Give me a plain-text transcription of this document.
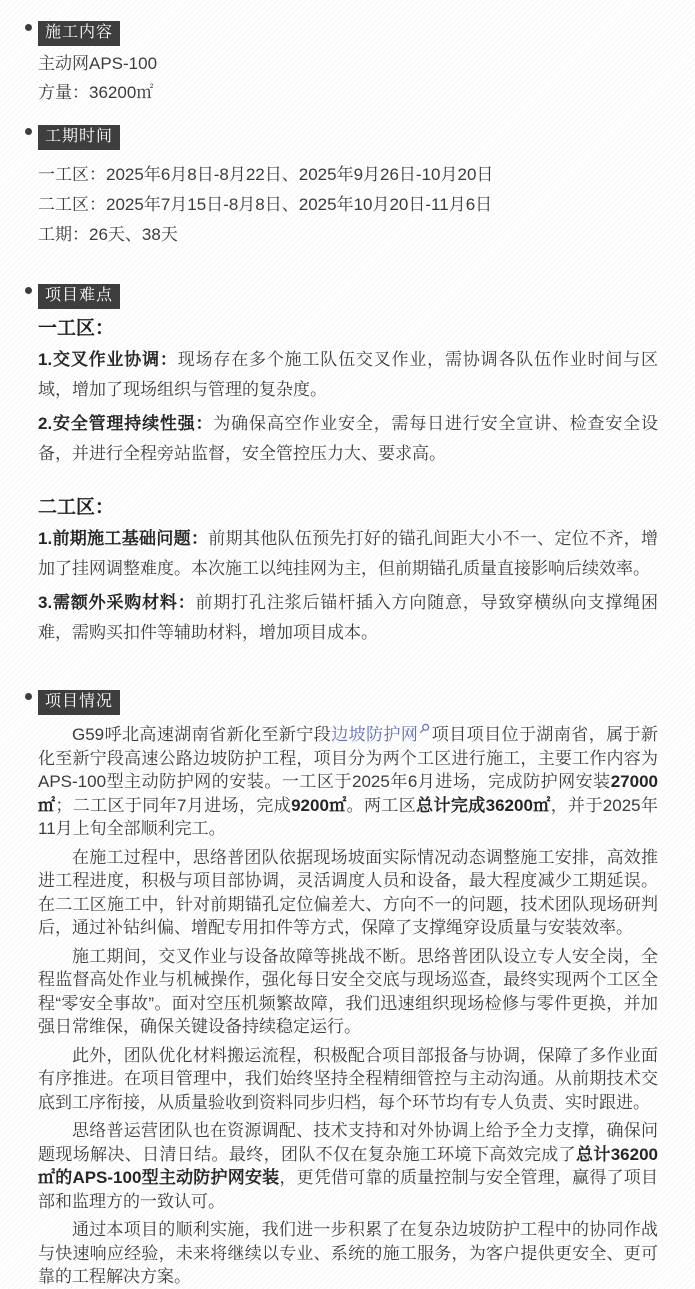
施工内容

主动网APS-100

方量：36200㎡

工期时间

一工区：2025年6月8日-8月22日、2025年9月26日-10月20日

二工区：2025年7月15日-8月8日、2025年10月20日-11月6日

工期：26天、38天

项目难点
一工区：

1.交叉作业协调：现场存在多个施工队伍交叉作业，需协调各队伍作业时间与区域，增加了现场组织与管理的复杂度。

2.安全管理持续性强：为确保高空作业安全，需每日进行安全宣讲、检查安全设备，并进行全程旁站监督，安全管控压力大、要求高。

二工区：

1.前期施工基础问题：前期其他队伍预先打好的锚孔间距大小不一、定位不齐，增加了挂网调整难度。本次施工以纯挂网为主，但前期锚孔质量直接影响后续效率。

3.需额外采购材料：前期打孔注浆后锚杆插入方向随意，导致穿横纵向支撑绳困难，需购买扣件等辅助材料，增加项目成本。

项目情况

G59呼北高速湖南省新化至新宁段边坡防护网 项目项目位于湖南省，属于新化至新宁段高速公路边坡防护工程，项目分为两个工区进行施工，主要工作内容为APS-100型主动防护网的安装。一工区于2025年6月进场，完成防护网安装27000㎡；二工区于同年7月进场，完成9200㎡。两工区总计完成36200㎡，并于2025年11月上旬全部顺利完工。

在施工过程中，思络普团队依据现场坡面实际情况动态调整施工安排，高效推进工程进度，积极与项目部协调，灵活调度人员和设备，最大程度减少工期延误。在二工区施工中，针对前期锚孔定位偏差大、方向不一的问题，技术团队现场研判后，通过补钻纠偏、增配专用扣件等方式，保障了支撑绳穿设质量与安装效率。

施工期间，交叉作业与设备故障等挑战不断。思络普团队设立专人安全岗，全程监督高处作业与机械操作，强化每日安全交底与现场巡查，最终实现两个工区全程“零安全事故”。面对空压机频繁故障，我们迅速组织现场检修与零件更换，并加强日常维保，确保关键设备持续稳定运行。

此外，团队优化材料搬运流程，积极配合项目部报备与协调，保障了多作业面有序推进。在项目管理中，我们始终坚持全程精细管控与主动沟通。从前期技术交底到工序衔接，从质量验收到资料同步归档，每个环节均有专人负责、实时跟进。

思络普运营团队也在资源调配、技术支持和对外协调上给予全力支撑，确保问题现场解决、日清日结。最终，团队不仅在复杂施工环境下高效完成了总计36200㎡的APS-100型主动防护网安装，更凭借可靠的质量控制与安全管理，赢得了项目部和监理方的一致认可。

通过本项目的顺利实施，我们进一步积累了在复杂边坡防护工程中的协同作战与快速响应经验，未来将继续以专业、系统的施工服务，为客户提供更安全、更可靠的工程解决方案。
